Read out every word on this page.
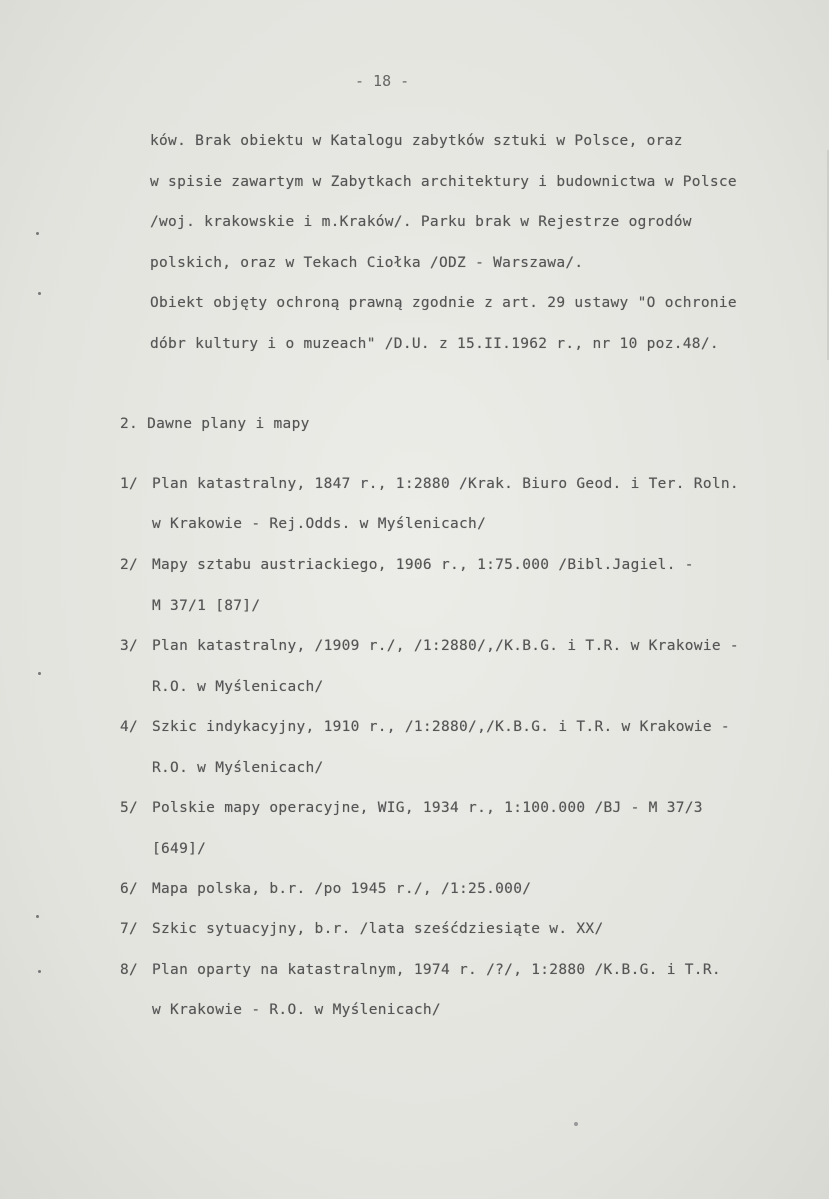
- 18 -
ków. Brak obiektu w Katalogu zabytków sztuki w Polsce, oraz
w spisie zawartym w Zabytkach architektury i budownictwa w Polsce
/woj. krakowskie i m.Kraków/. Parku brak w Rejestrze ogrodów
polskich, oraz w Tekach Ciołka /ODZ - Warszawa/.
Obiekt objęty ochroną prawną zgodnie z art. 29 ustawy "O ochronie
dóbr kultury i o muzeach" /D.U. z 15.II.1962 r., nr 10 poz.48/.
2. Dawne plany i mapy
1/ Plan katastralny, 1847 r., 1:2880 /Krak. Biuro Geod. i Ter. Roln.
w Krakowie - Rej.Odds. w Myślenicach/
2/ Mapy sztabu austriackiego, 1906 r., 1:75.000 /Bibl.Jagiel. -
M 37/1 [87]/
3/ Plan katastralny, /1909 r./, /1:2880/,/K.B.G. i T.R. w Krakowie -
R.O. w Myślenicach/
4/ Szkic indykacyjny, 1910 r., /1:2880/,/K.B.G. i T.R. w Krakowie -
R.O. w Myślenicach/
5/ Polskie mapy operacyjne, WIG, 1934 r., 1:100.000 /BJ - M 37/3
[649]/
6/ Mapa polska, b.r. /po 1945 r./, /1:25.000/
7/ Szkic sytuacyjny, b.r. /lata sześćdziesiąte w. XX/
8/ Plan oparty na katastralnym, 1974 r. /?/, 1:2880 /K.B.G. i T.R.
w Krakowie - R.O. w Myślenicach/
